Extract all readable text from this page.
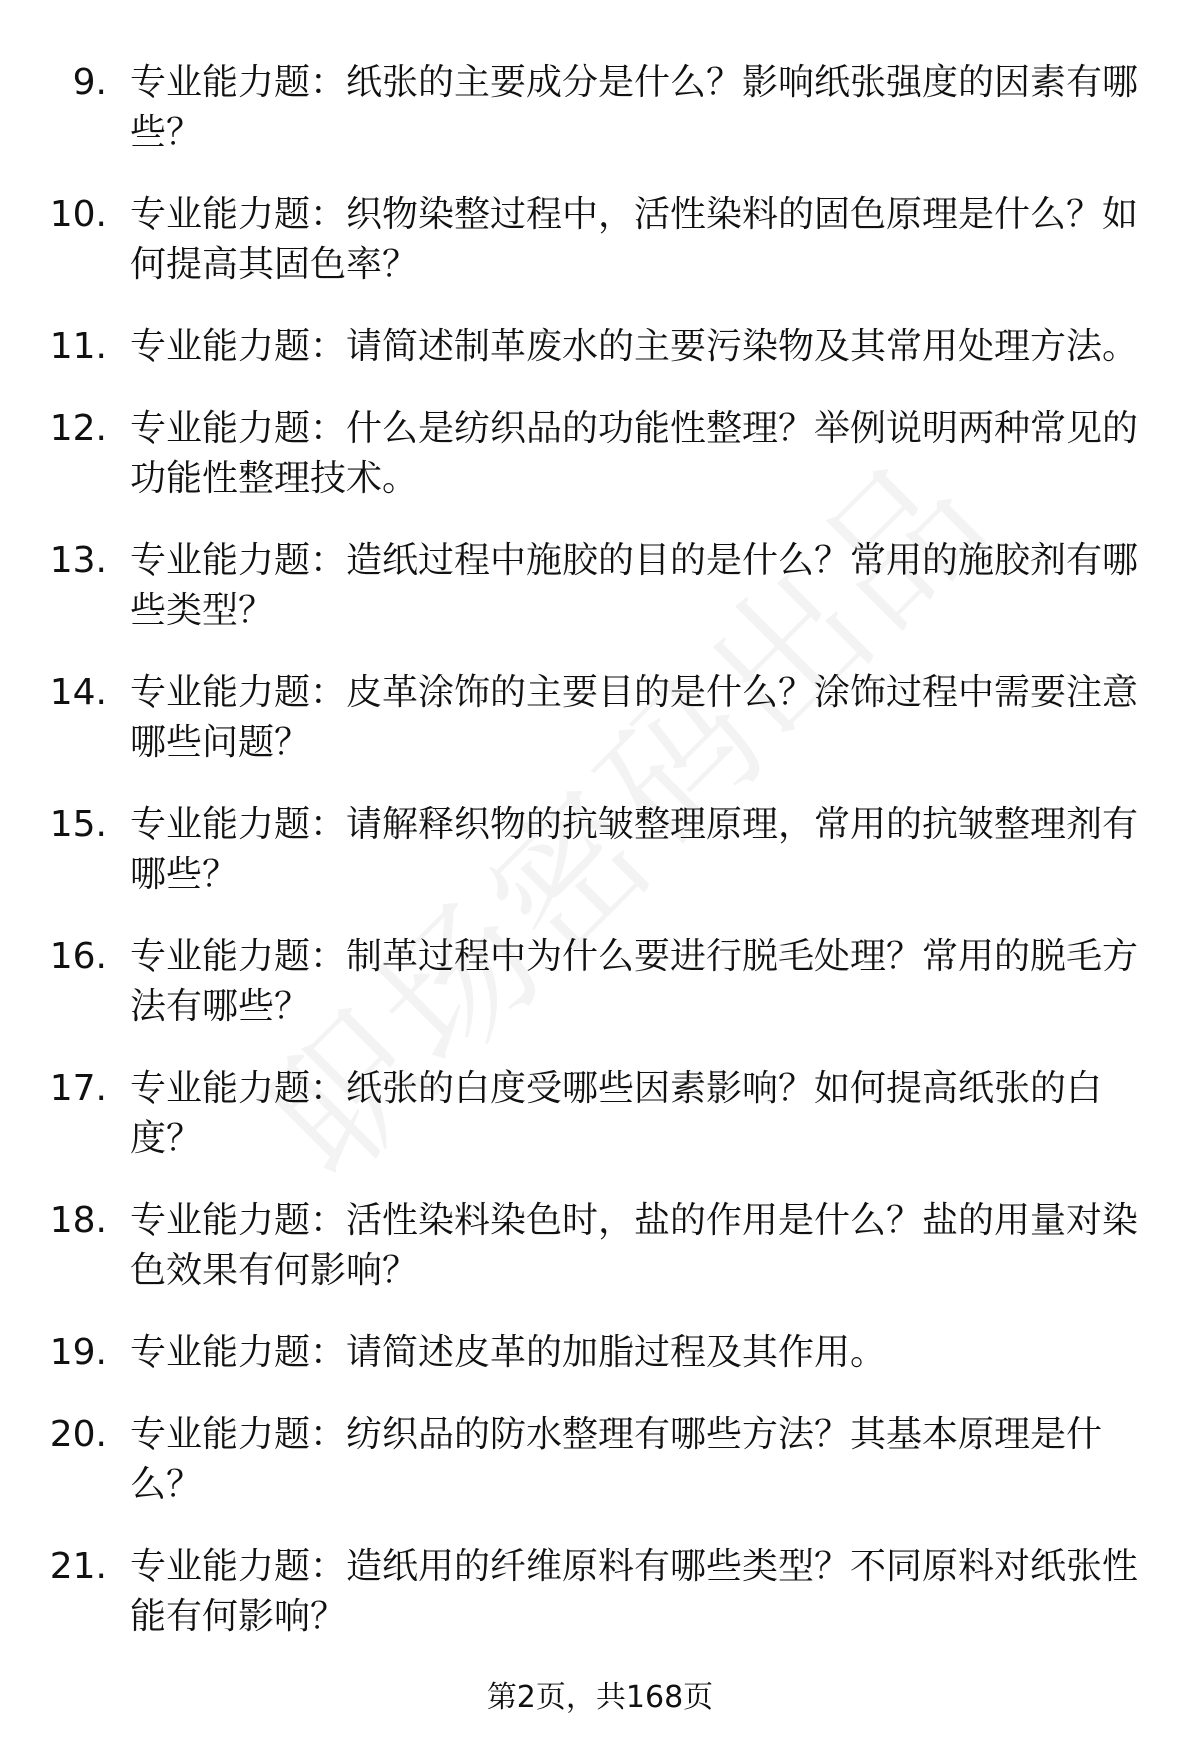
9. 专业能力题：纸张的主要成分是什么？影响纸张强度的因素有哪些？
10. 专业能力题：织物染整过程中，活性染料的固色原理是什么？如何提高其固色率？
11. 专业能力题：请简述制革废水的主要污染物及其常用处理方法。
12. 专业能力题：什么是纺织品的功能性整理？举例说明两种常见的功能性整理技术。
13. 专业能力题：造纸过程中施胶的目的是什么？常用的施胶剂有哪些类型？
14. 专业能力题：皮革涂饰的主要目的是什么？涂饰过程中需要注意哪些问题？
15. 专业能力题：请解释织物的抗皱整理原理，常用的抗皱整理剂有哪些？
16. 专业能力题：制革过程中为什么要进行脱毛处理？常用的脱毛方法有哪些？
17. 专业能力题：纸张的白度受哪些因素影响？如何提高纸张的白度？
18. 专业能力题：活性染料染色时，盐的作用是什么？盐的用量对染色效果有何影响？
19. 专业能力题：请简述皮革的加脂过程及其作用。
20. 专业能力题：纺织品的防水整理有哪些方法？其基本原理是什么？
21. 专业能力题：造纸用的纤维原料有哪些类型？不同原料对纸张性能有何影响？
第2页，共168页
